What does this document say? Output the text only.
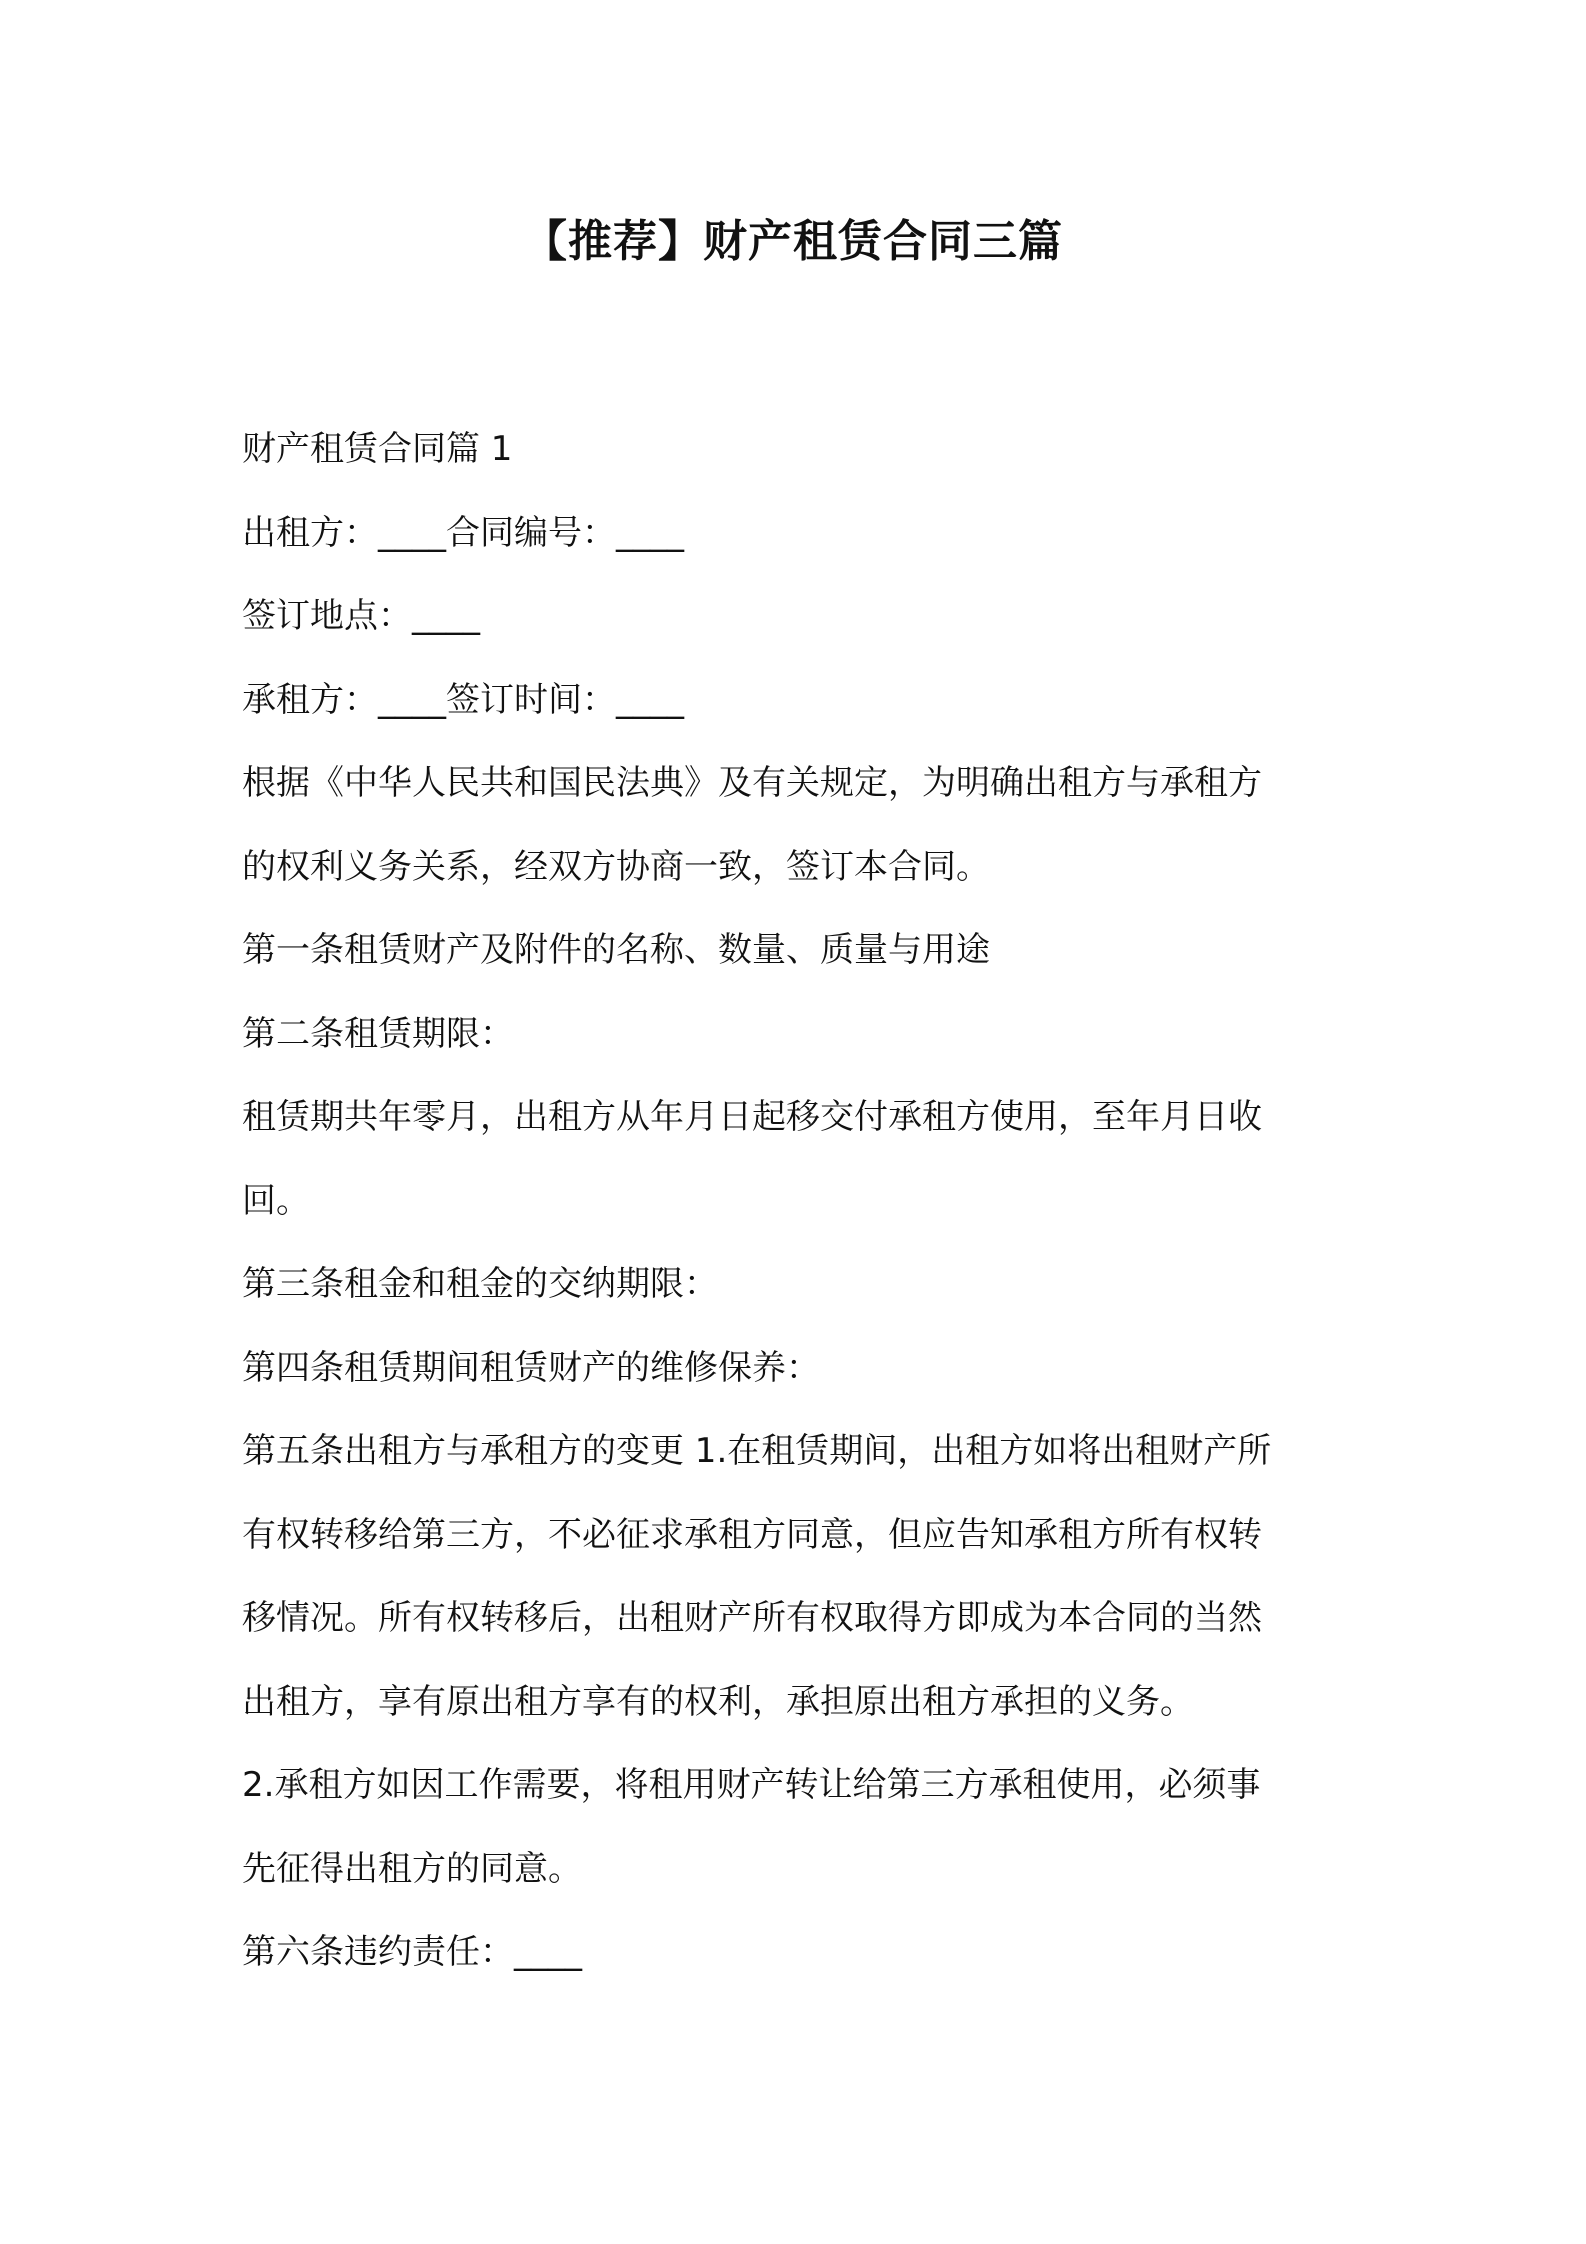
【推荐】财产租赁合同三篇

财产租赁合同篇 1

出租方：____合同编号：____

签订地点：____

承租方：____签订时间：____

根据《中华人民共和国民法典》及有关规定，为明确出租方与承租方

的权利义务关系，经双方协商一致，签订本合同。

第一条租赁财产及附件的名称、数量、质量与用途

第二条租赁期限：

租赁期共年零月，出租方从年月日起移交付承租方使用，至年月日收

回。

第三条租金和租金的交纳期限：

第四条租赁期间租赁财产的维修保养：

第五条出租方与承租方的变更 1.在租赁期间，出租方如将出租财产所

有权转移给第三方，不必征求承租方同意，但应告知承租方所有权转

移情况。所有权转移后，出租财产所有权取得方即成为本合同的当然

出租方，享有原出租方享有的权利，承担原出租方承担的义务。

2.承租方如因工作需要，将租用财产转让给第三方承租使用，必须事

先征得出租方的同意。

第六条违约责任：____
